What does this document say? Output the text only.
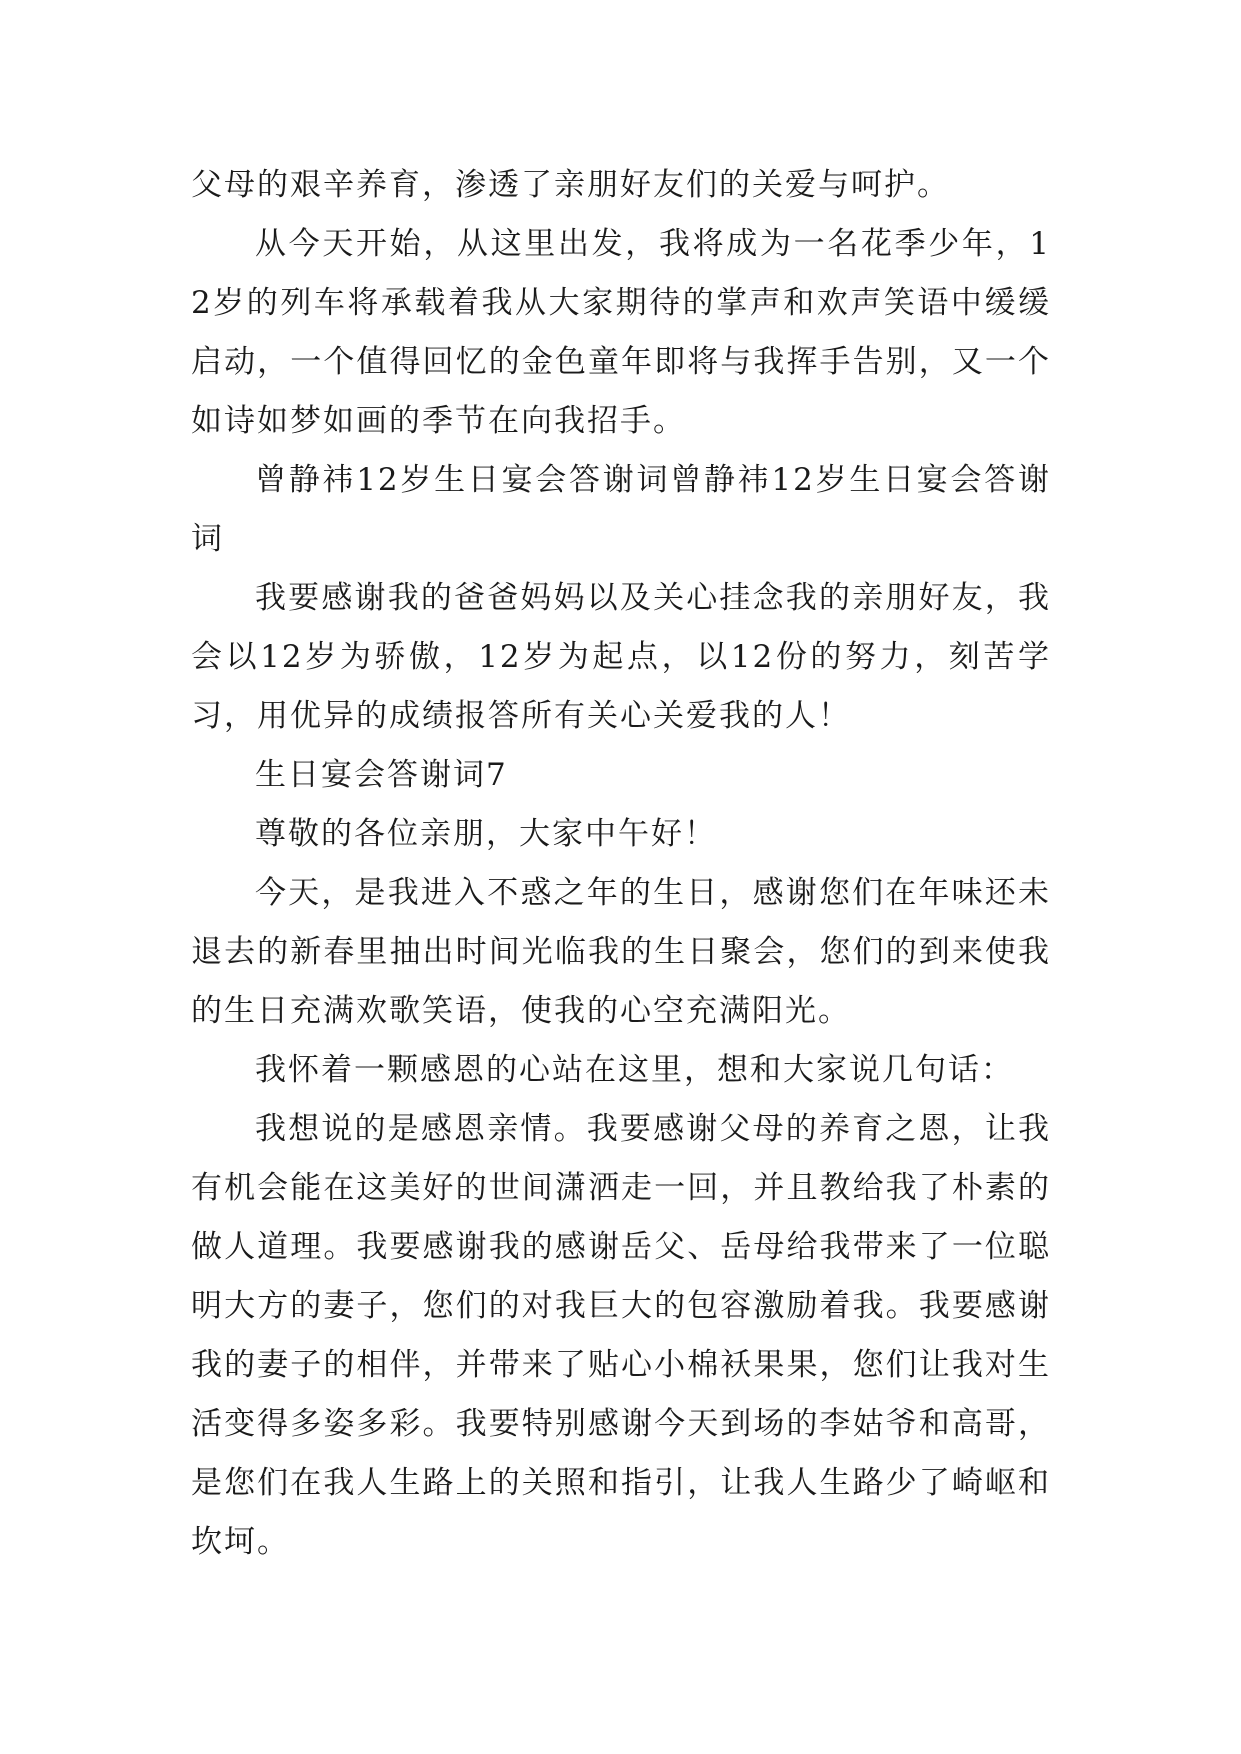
父母的艰辛养育，渗透了亲朋好友们的关爱与呵护。

从今天开始，从这里出发，我将成为一名花季少年，12岁的列车将承载着我从大家期待的掌声和欢声笑语中缓缓启动，一个值得回忆的金色童年即将与我挥手告别，又一个如诗如梦如画的季节在向我招手。

曾静祎12岁生日宴会答谢词曾静祎12岁生日宴会答谢词

我要感谢我的爸爸妈妈以及关心挂念我的亲朋好友，我会以12岁为骄傲，12岁为起点，以12份的努力，刻苦学习，用优异的成绩报答所有关心关爱我的人！

生日宴会答谢词7

尊敬的各位亲朋，大家中午好！

今天，是我进入不惑之年的生日，感谢您们在年味还未退去的新春里抽出时间光临我的生日聚会，您们的到来使我的生日充满欢歌笑语，使我的心空充满阳光。

我怀着一颗感恩的心站在这里，想和大家说几句话：

我想说的是感恩亲情。我要感谢父母的养育之恩，让我有机会能在这美好的世间潇洒走一回，并且教给我了朴素的做人道理。我要感谢我的感谢岳父、岳母给我带来了一位聪明大方的妻子，您们的对我巨大的包容激励着我。我要感谢我的妻子的相伴，并带来了贴心小棉袄果果，您们让我对生活变得多姿多彩。我要特别感谢今天到场的李姑爷和高哥，是您们在我人生路上的关照和指引，让我人生路少了崎岖和坎坷。
